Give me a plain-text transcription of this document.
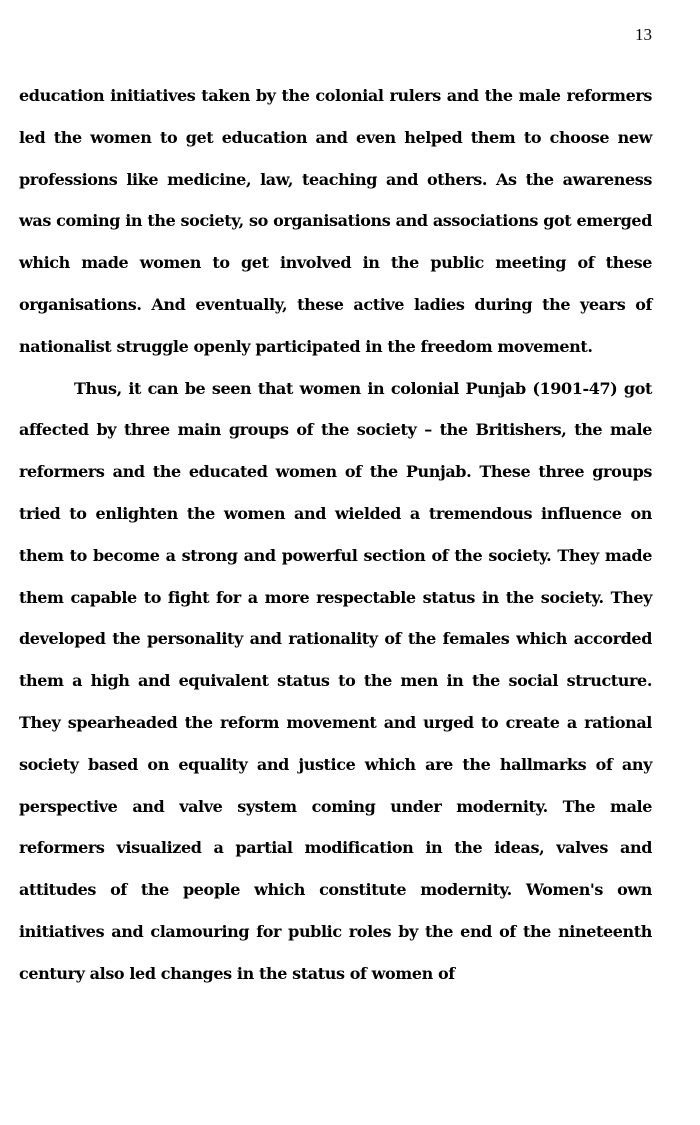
13

education initiatives taken by the colonial rulers and the male reformers led the women to get education and even helped them to choose new professions like medicine, law, teaching and others. As the awareness was coming in the society, so organisations and associations got emerged which made women to get involved in the public meeting of these organisations. And eventually, these active ladies during the years of nationalist struggle openly participated in the freedom movement.

Thus, it can be seen that women in colonial Punjab (1901-47) got affected by three main groups of the society – the Britishers, the male reformers and the educated women of the Punjab. These three groups tried to enlighten the women and wielded a tremendous influence on them to become a strong and powerful section of the society. They made them capable to fight for a more respectable status in the society. They developed the personality and rationality of the females which accorded them a high and equivalent status to the men in the social structure. They spearheaded the reform movement and urged to create a rational society based on equality and justice which are the hallmarks of any perspective and valve system coming under modernity. The male reformers visualized a partial modification in the ideas, valves and attitudes of the people which constitute modernity. Women's own initiatives and clamouring for public roles by the end of the nineteenth century also led changes in the status of women of
